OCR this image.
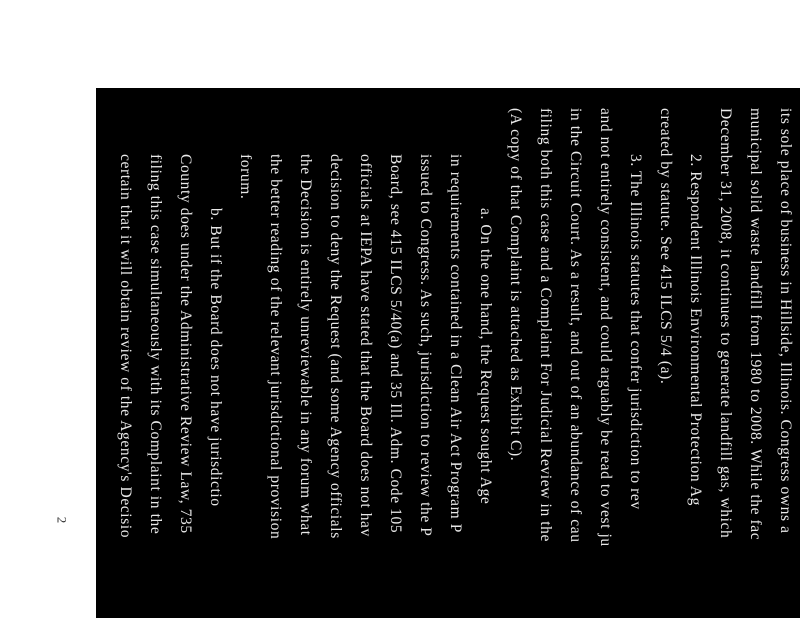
2	its sole place of business in Hillside, Illinois. Congress owns a
municipal solid waste landfill from 1980 to 2008. While the fac
December 31, 2008, it continues to generate landfill gas, which
2. Respondent Illinois Environmental Protection Ag
created by statute. See 415 ILCS 5/4 (a).
3. The Illinois statutes that confer jurisdiction to rev
and not entirely consistent, and could arguably be read to vest ju
in the Circuit Court. As a result, and out of an abundance of cau
filing both this case and a Complaint For Judicial Review in the
(A copy of that Complaint is attached as Exhibit C).
a. On the one hand, the Request sought Age
in requirements contained in a Clean Air Act Program P
issued to Congress. As such, jurisdiction to review the P
Board, see 415 ILCS 5/40(a) and 35 Ill. Adm. Code 105
officials at IEPA have stated that the Board does not hav
decision to deny the Request (and some Agency officials
the Decision is entirely unreviewable in any forum what
the better reading of the relevant jurisdictional provision
forum.
b. But if the Board does not have jurisdictio
County does under the Administrative Review Law, 735
filing this case simultaneously with its Complaint in the
certain that it will obtain review of the Agency's Decisio
